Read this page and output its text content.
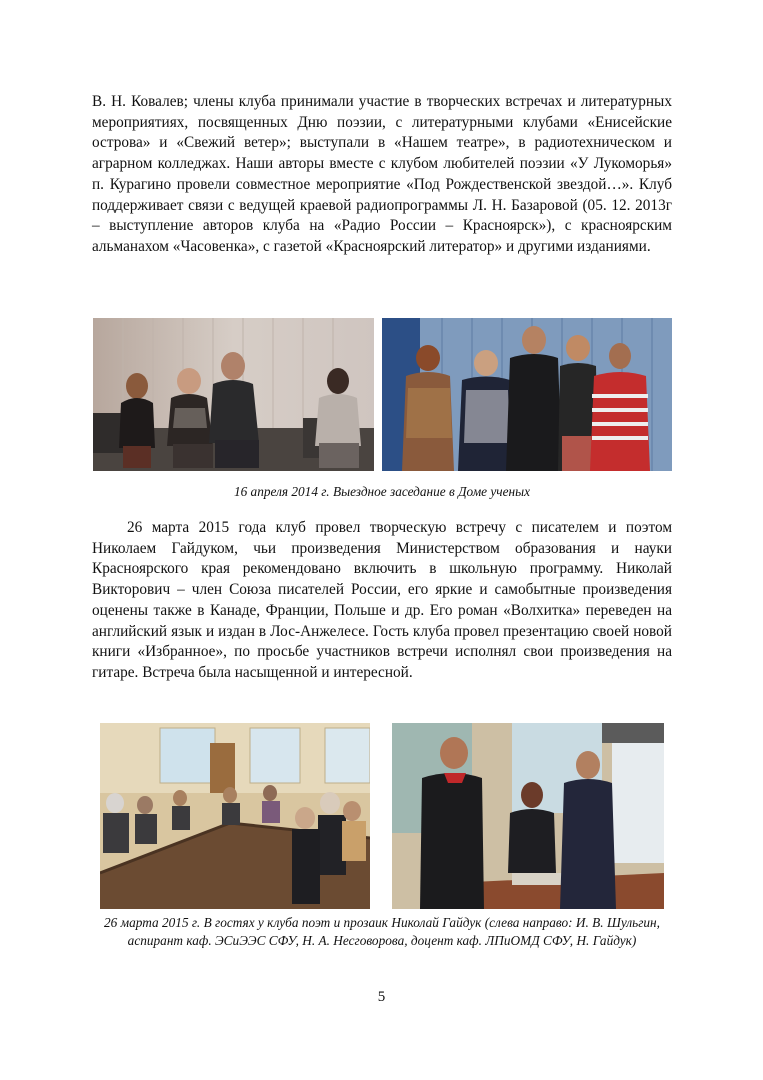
В. Н. Ковалев; члены клуба принимали участие в творческих встречах и литературных мероприятиях, посвященных Дню поэзии, с литературными клубами «Енисейские острова» и «Свежий ветер»; выступали в «Нашем театре», в радиотехническом и аграрном колледжах. Наши авторы вместе с клубом любителей поэзии «У Лукоморья» п. Курагино провели совместное мероприятие «Под Рождественской звездой…». Клуб поддерживает связи с ведущей краевой радиопрограммы Л. Н. Базаровой (05. 12. 2013г – выступление авторов клуба на «Радио России – Красноярск»), с красноярским альманахом «Часовенка», с газетой «Красноярский литератор» и другими изданиями.

16 апреля 2014 г. Выездное заседание в Доме ученых

26 марта 2015 года клуб провел творческую встречу с писателем и поэтом Николаем Гайдуком, чьи произведения Министерством образования и науки Красноярского края рекомендовано включить в школьную программу. Николай Викторович – член Союза писателей России, его яркие и самобытные произведения оценены также в Канаде, Франции, Польше и др. Его роман «Волхитка» переведен на английский язык и издан в Лос-Анжелесе. Гость клуба провел презентацию своей новой книги «Избранное», по просьбе участников встречи исполнял свои произведения на гитаре. Встреча была насыщенной и интересной.

26 марта 2015 г. В гостях у клуба поэт и прозаик Николай Гайдук (слева направо: И. В. Шульгин, аспирант каф. ЭСиЭЭС СФУ, Н. А. Несговорова, доцент каф. ЛПиОМД СФУ, Н. Гайдук)

5
